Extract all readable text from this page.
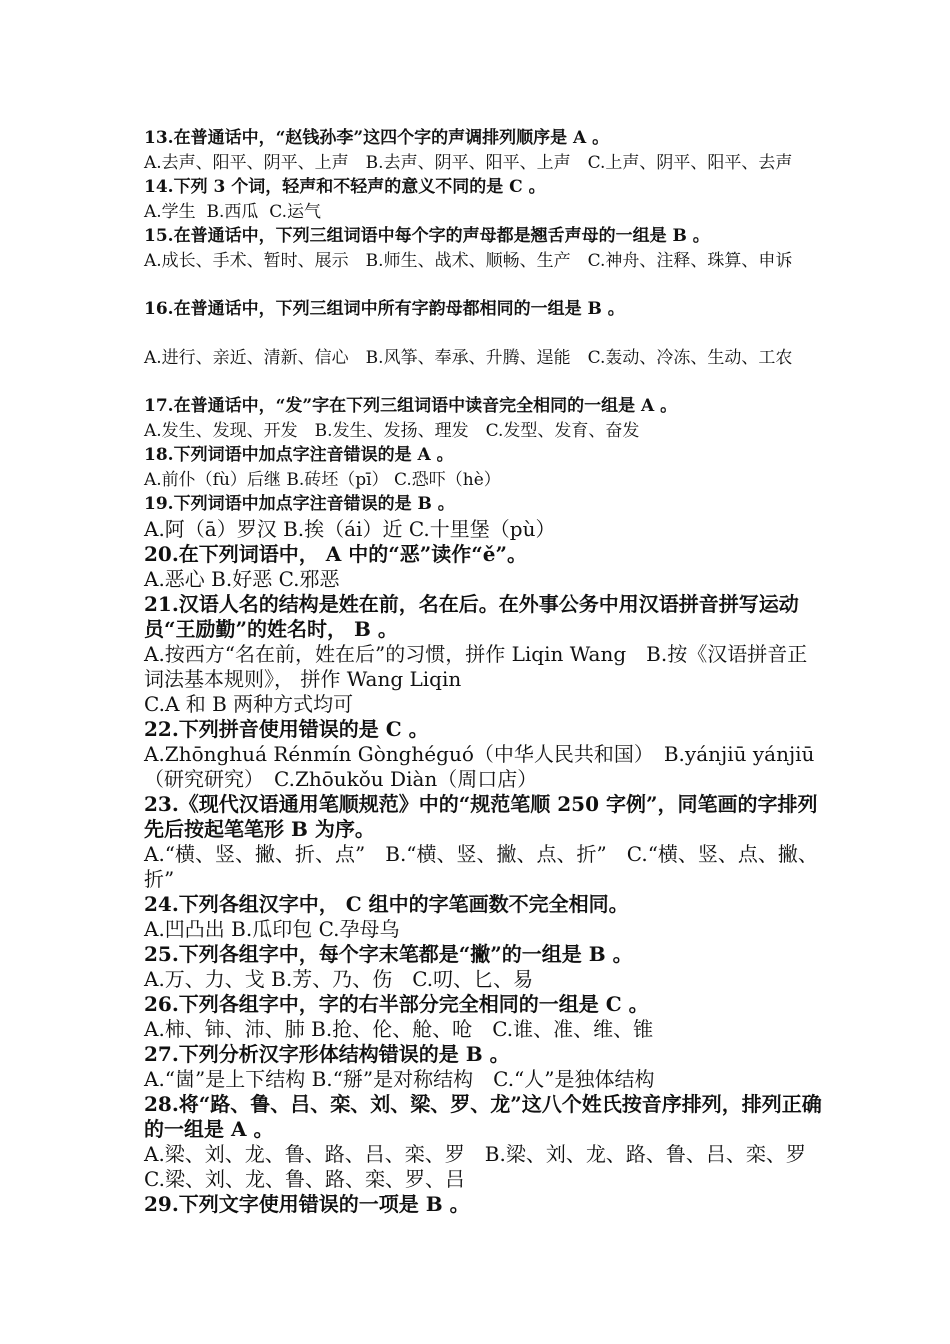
13.在普通话中，“赵钱孙李”这四个字的声调排列顺序是 A 。

A.去声、阳平、阴平、上声　B.去声、阴平、阳平、上声　C.上声、阴平、阳平、去声

14.下列 3 个词，轻声和不轻声的意义不同的是 C 。

A.学生  B.西瓜  C.运气

15.在普通话中，下列三组词语中每个字的声母都是翘舌声母的一组是 B 。

A.成长、手术、暂时、展示　B.师生、战术、顺畅、生产　C.神舟、注释、珠算、申诉

16.在普通话中，下列三组词中所有字韵母都相同的一组是 B 。

A.进行、亲近、清新、信心　B.风筝、奉承、升腾、逞能　C.轰动、冷冻、生动、工农

17.在普通话中，“发”字在下列三组词语中读音完全相同的一组是 A 。

A.发生、发现、开发　B.发生、发扬、理发　C.发型、发育、奋发

18.下列词语中加点字注音错误的是 A 。

A.前仆（fù）后继 B.砖坯（pī） C.恐吓（hè）

19.下列词语中加点字注音错误的是 B 。

A.阿（ā）罗汉 B.挨（ái）近 C.十里堡（pù）

20.在下列词语中， A 中的“恶”读作“ě”。

A.恶心 B.好恶 C.邪恶

21.汉语人名的结构是姓在前，名在后。在外事公务中用汉语拼音拼写运动员“王励勤”的姓名时， B 。

A.按西方“名在前，姓在后”的习惯，拼作 Liqin Wang　B.按《汉语拼音正词法基本规则》， 拼作 Wang Liqin

C.A 和 B 两种方式均可

22.下列拼音使用错误的是 C 。

A.Zhōnghuá Rénmín Gònghéguó（中华人民共和国）　B.yánjiū yánjiū（研究研究）　C.Zhōukǒu Diàn（周口店）

23.《现代汉语通用笔顺规范》中的“规范笔顺 250 字例”，同笔画的字排列先后按起笔笔形 B 为序。

A.“横、竖、撇、折、点”　B.“横、竖、撇、点、折”　C.“横、竖、点、撇、折”

24.下列各组汉字中， C 组中的字笔画数不完全相同。

A.凹凸出 B.瓜印包 C.孕母乌

25.下列各组字中，每个字末笔都是“撇”的一组是 B 。

A.万、力、戈 B.芳、乃、伤　C.叨、匕、易

26.下列各组字中，字的右半部分完全相同的一组是 C 。

A.柿、铈、沛、肺 B.抢、伦、舱、呛　C.谁、准、维、锥

27.下列分析汉字形体结构错误的是 B 。

A.“崮”是上下结构 B.“掰”是对称结构　C.“人”是独体结构

28.将“路、鲁、吕、栾、刘、梁、罗、龙”这八个姓氏按音序排列，排列正确的一组是 A 。

A.梁、刘、龙、鲁、路、吕、栾、罗　B.梁、刘、龙、路、鲁、吕、栾、罗　C.梁、刘、龙、鲁、路、栾、罗、吕

29.下列文字使用错误的一项是 B 。
